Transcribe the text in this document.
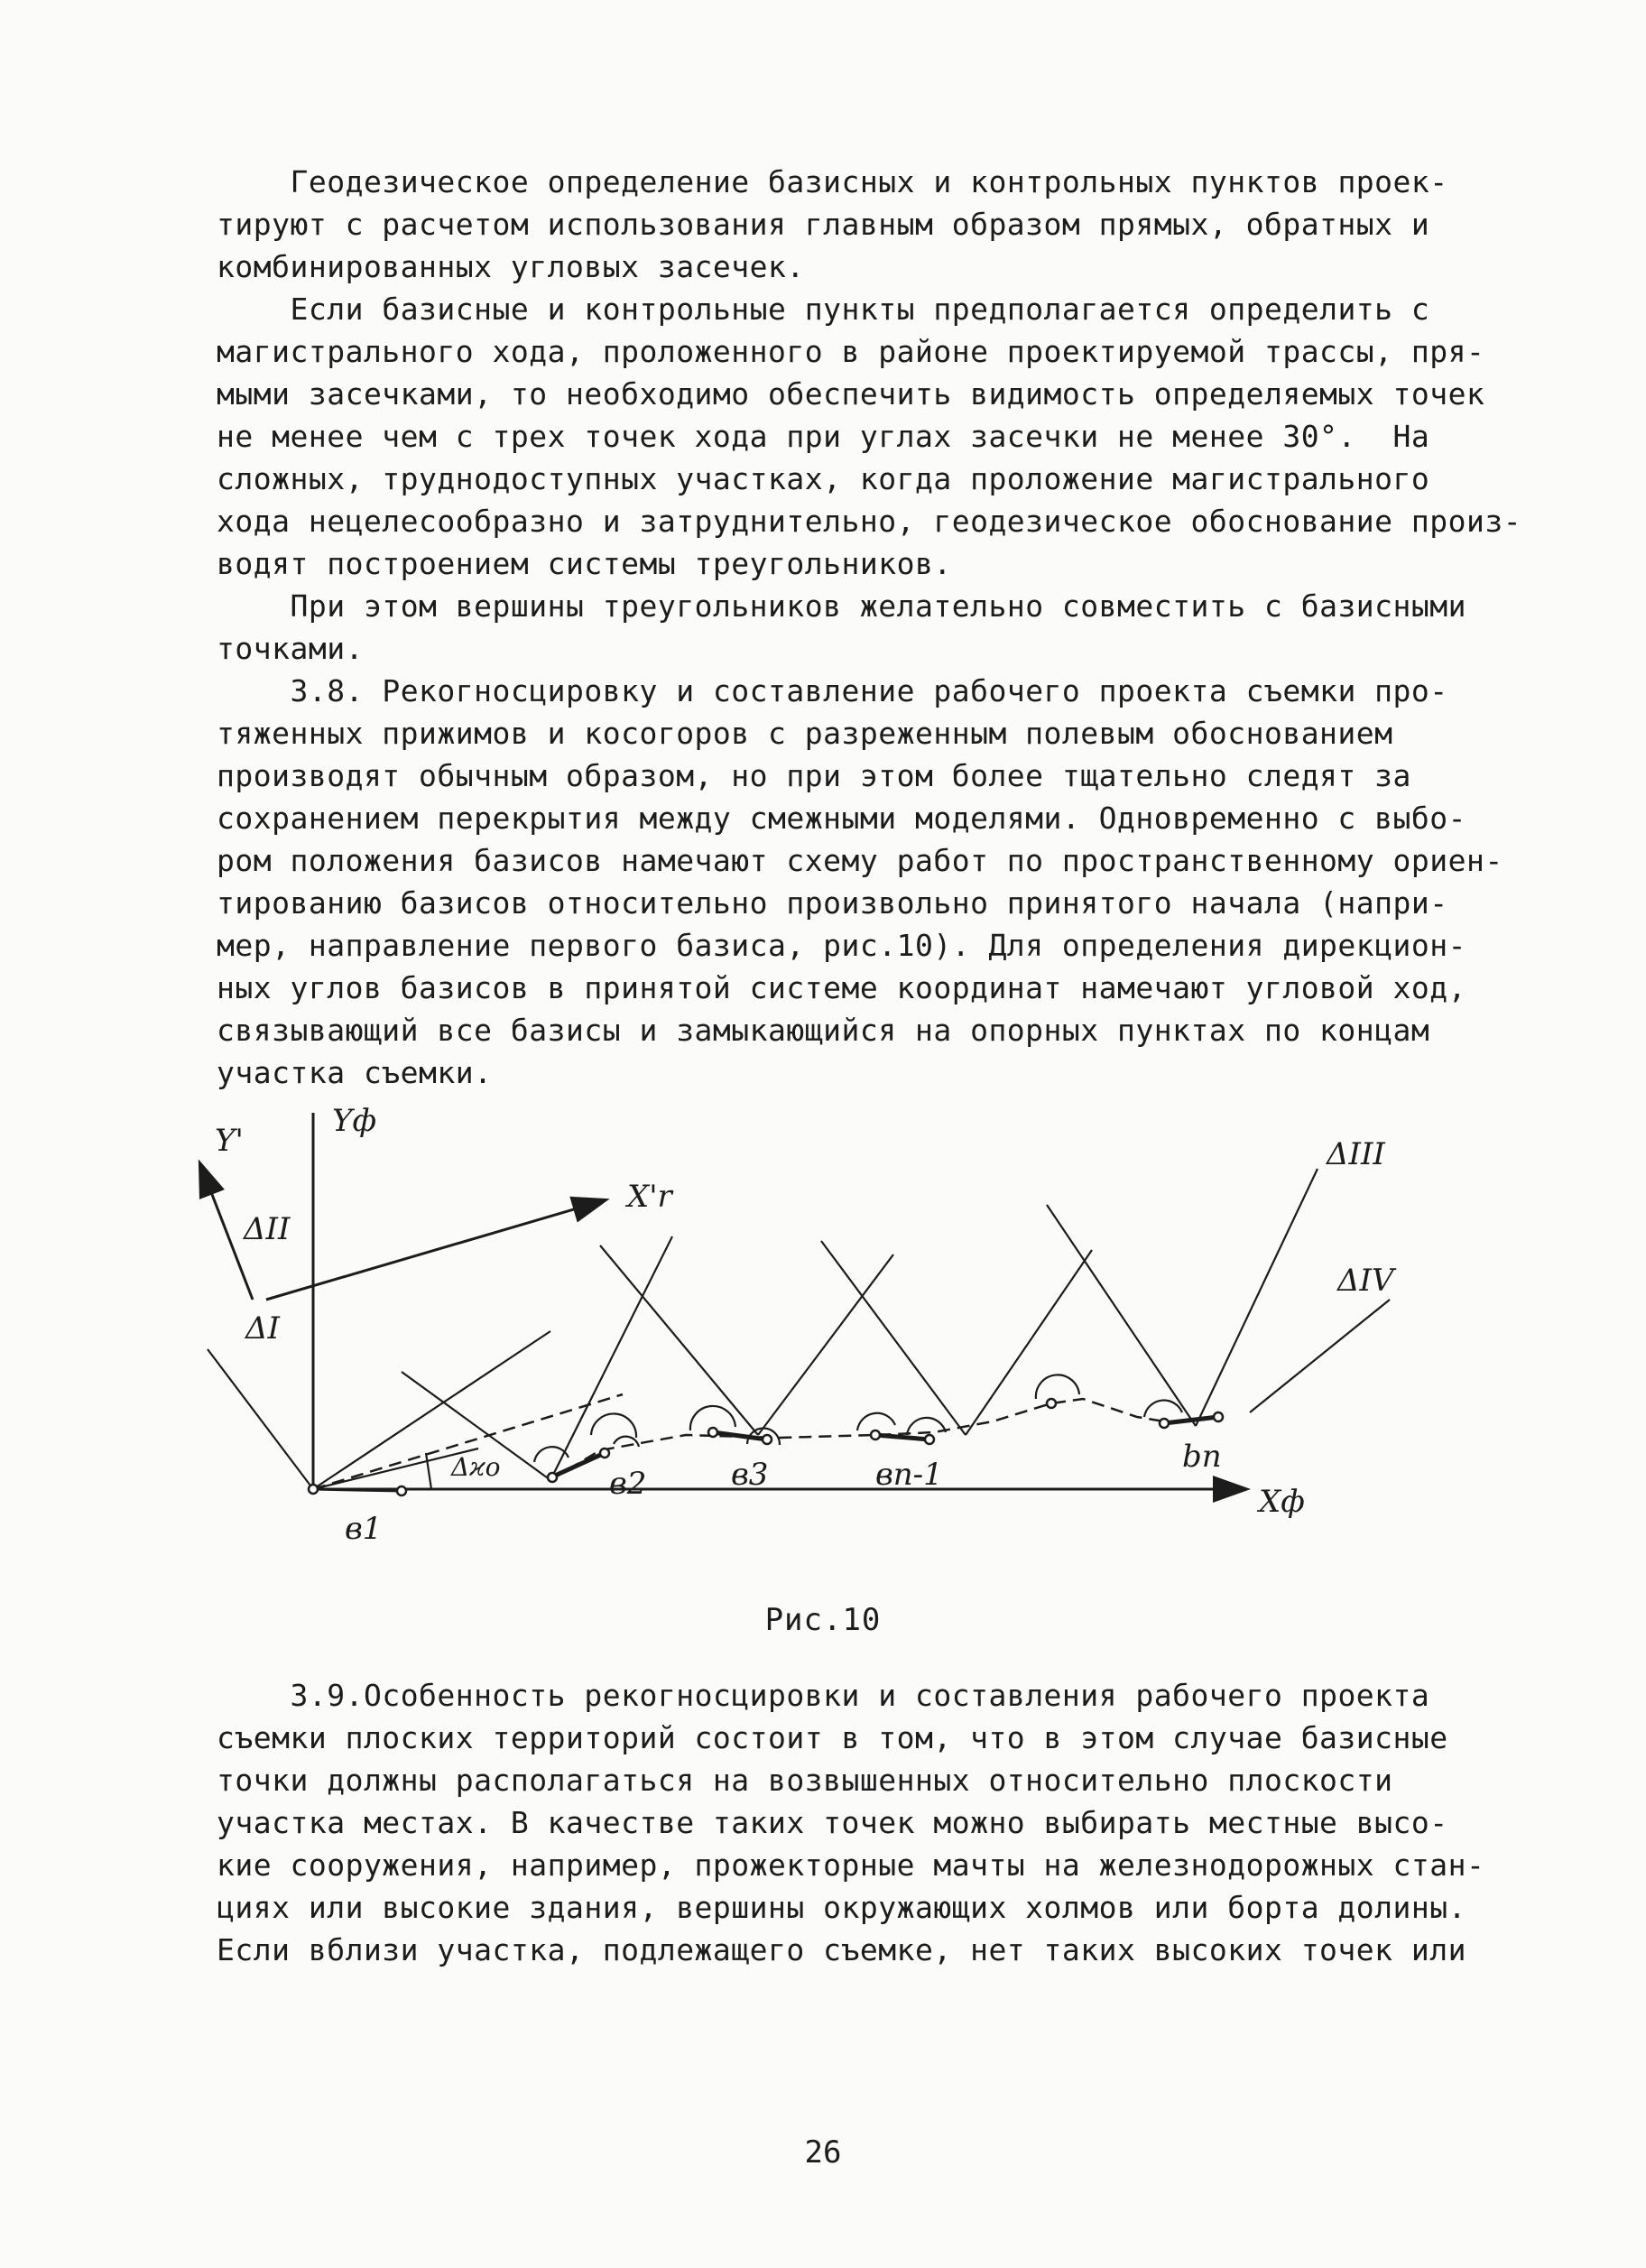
Геодезическое определение базисных и контрольных пунктов проек-

тируют с расчетом использования главным образом прямых, обратных и

комбинированных угловых засечек.

Если базисные и контрольные пункты предполагается определить с

магистрального хода, проложенного в районе проектируемой трассы, пря-

мыми засечками, то необходимо обеспечить видимость определяемых точек

не менее чем с трех точек хода при углах засечки не менее 30°.  На

сложных, труднодоступных участках, когда проложение магистрального

хода нецелесообразно и затруднительно, геодезическое обоснование произ-

водят построением системы треугольников.

При этом вершины треугольников желательно совместить с базисными

точками.

3.8. Рекогносцировку и составление рабочего проекта съемки про-

тяженных прижимов и косогоров с разреженным полевым обоснованием

производят обычным образом, но при этом более тщательно следят за

сохранением перекрытия между смежными моделями. Одновременно с выбо-

ром положения базисов намечают схему работ по пространственному ориен-

тированию базисов относительно произвольно принятого начала (напри-

мер, направление первого базиса, рис.10). Для определения дирекцион-

ных углов базисов в принятой системе координат намечают угловой ход,

связывающий все базисы и замыкающийся на опорных пунктах по концам

участка съемки.

Y'
ΔII
ΔI
Yф
Xф
X'r
Δϰo
в1
ΔIII
ΔIV
в2	в3	вn-1	bn
Рис.10

3.9.Особенность рекогносцировки и составления рабочего проекта

съемки плоских территорий состоит в том, что в этом случае базисные

точки должны располагаться на возвышенных относительно плоскости

участка местах. В качестве таких точек можно выбирать местные высо-

кие сооружения, например, прожекторные мачты на железнодорожных стан-

циях или высокие здания, вершины окружающих холмов или борта долины.

Если вблизи участка, подлежащего съемке, нет таких высоких точек или

26
